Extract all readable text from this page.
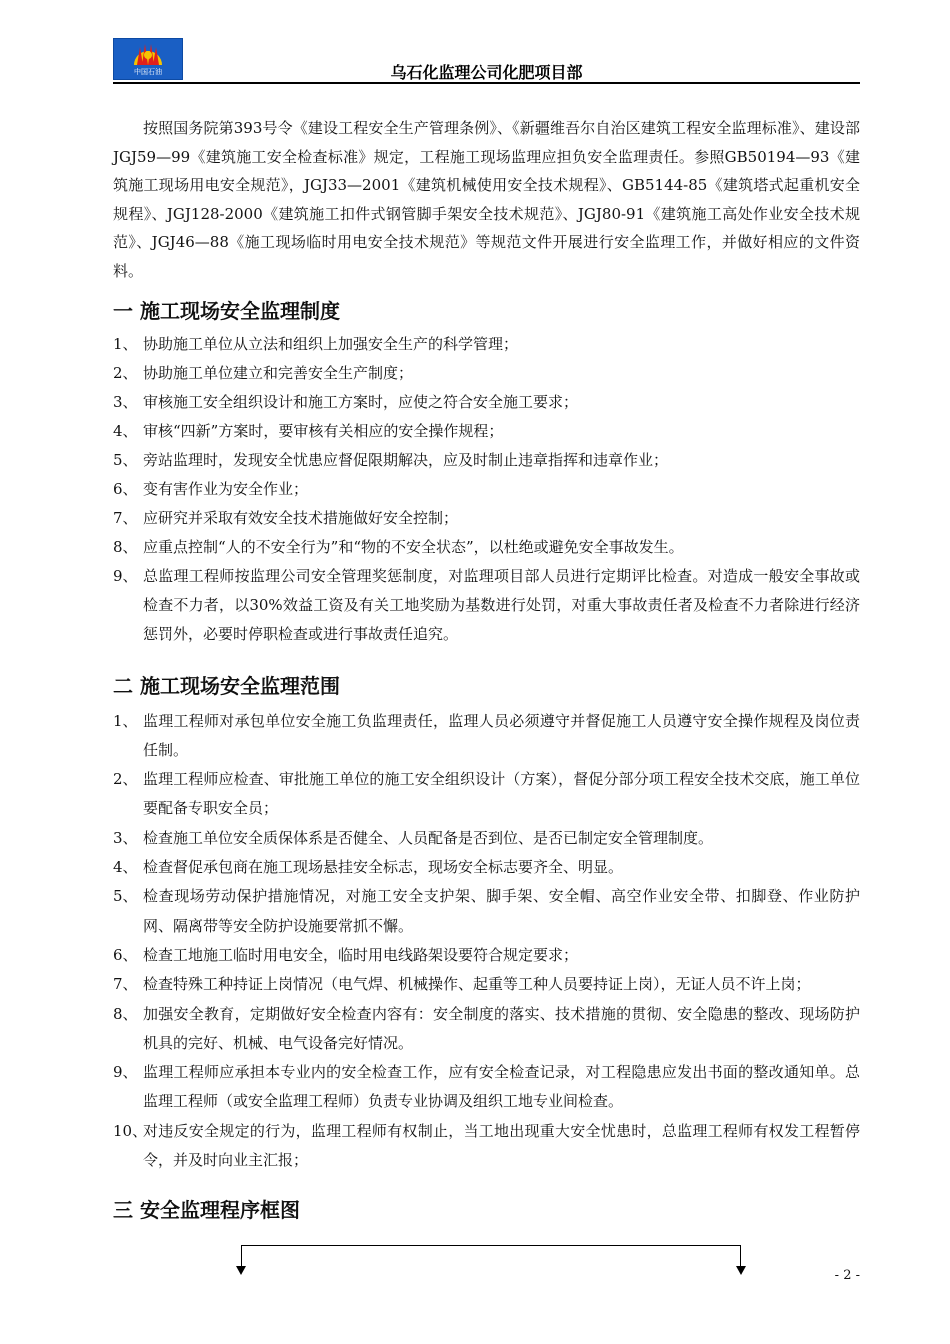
中国石油	乌石化监理公司化肥项目部

按照国务院第393号令《建设工程安全生产管理条例》、《新疆维吾尔自治区建筑工程安全监理标准》、建设部JGJ59—99《建筑施工安全检查标准》规定，工程施工现场监理应担负安全监理责任。参照GB50194—93《建筑施工现场用电安全规范》，JGJ33—2001《建筑机械使用安全技术规程》、GB5144-85《建筑塔式起重机安全规程》、JGJ128-2000《建筑施工扣件式钢管脚手架安全技术规范》、JGJ80-91《建筑施工高处作业安全技术规范》、JGJ46—88《施工现场临时用电安全技术规范》等规范文件开展进行安全监理工作，并做好相应的文件资料。

一 施工现场安全监理制度
1、 协助施工单位从立法和组织上加强安全生产的科学管理；
2、 协助施工单位建立和完善安全生产制度；
3、 审核施工安全组织设计和施工方案时，应使之符合安全施工要求；
4、 审核“四新”方案时，要审核有关相应的安全操作规程；
5、 旁站监理时，发现安全忧患应督促限期解决，应及时制止违章指挥和违章作业；
6、 变有害作业为安全作业；
7、 应研究并采取有效安全技术措施做好安全控制；
8、 应重点控制“人的不安全行为”和“物的不安全状态”，以杜绝或避免安全事故发生。
9、 总监理工程师按监理公司安全管理奖惩制度，对监理项目部人员进行定期评比检查。对造成一般安全事故或检查不力者，以30%效益工资及有关工地奖励为基数进行处罚，对重大事故责任者及检查不力者除进行经济惩罚外，必要时停职检查或进行事故责任追究。
二 施工现场安全监理范围
1、 监理工程师对承包单位安全施工负监理责任，监理人员必须遵守并督促施工人员遵守安全操作规程及岗位责任制。
2、 监理工程师应检查、审批施工单位的施工安全组织设计（方案），督促分部分项工程安全技术交底，施工单位要配备专职安全员；
3、 检查施工单位安全质保体系是否健全、人员配备是否到位、是否已制定安全管理制度。
4、 检查督促承包商在施工现场悬挂安全标志，现场安全标志要齐全、明显。
5、 检查现场劳动保护措施情况，对施工安全支护架、脚手架、安全帽、高空作业安全带、扣脚登、作业防护网、隔离带等安全防护设施要常抓不懈。
6、 检查工地施工临时用电安全，临时用电线路架设要符合规定要求；
7、 检查特殊工种持证上岗情况（电气焊、机械操作、起重等工种人员要持证上岗），无证人员不许上岗；
8、 加强安全教育，定期做好安全检查内容有：安全制度的落实、技术措施的贯彻、安全隐患的整改、现场防护机具的完好、机械、电气设备完好情况。
9、 监理工程师应承担本专业内的安全检查工作，应有安全检查记录，对工程隐患应发出书面的整改通知单。总监理工程师（或安全监理工程师）负责专业协调及组织工地专业间检查。
10、
对违反安全规定的行为，监理工程师有权制止，当工地出现重大安全忧患时，总监理工程师有权发工程暂停令，并及时向业主汇报；
三 安全监理程序框图
- 2 -
